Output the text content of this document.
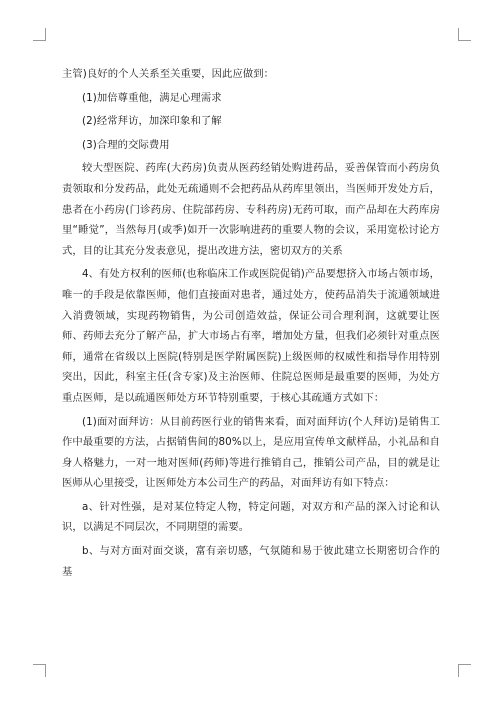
主管)良好的个人关系至关重要，因此应做到：

(1)加倍尊重他，满足心理需求

(2)经常拜访，加深印象和了解

(3)合理的交际费用

较大型医院、药库(大药房)负责从医药经销处购进药品，妥善保管而小药房负责领取和分发药品，此处无疏通则不会把药品从药库里领出，当医师开发处方后，患者在小药房(门诊药房、住院部药房、专科药房)无药可取，而产品却在大药库房里“睡觉”，当然每月(或季)如开一次影响进药的重要人物的会议，采用宽松讨论方式，目的让其充分发表意见，提出改进方法，密切双方的关系

4、有处方权利的医师(也称临床工作或医院促销)产品要想挤入市场占领市场，唯一的手段是依靠医师，他们直接面对患者，通过处方，使药品消失于流通领域进入消费领域，实现药物销售，为公司创造效益，保证公司合理利润，这就要让医师、药师去充分了解产品，扩大市场占有率，增加处方量，但我们必须针对重点医师，通常在省级以上医院(特别是医学附属医院)上级医师的权威性和指导作用特别突出，因此，科室主任(含专家)及主治医师、住院总医师是最重要的医师，为处方重点医师，是以疏通医师处方环节特别重要，于核心其疏通方式如下：

(1)面对面拜访：从目前药医行业的销售来看，面对面拜访(个人拜访)是销售工作中最重要的方法，占据销售间的80%以上，是应用宣传单文献样品，小礼品和自身人格魅力，一对一地对医师(药师)等进行推销自己，推销公司产品，目的就是让医师从心里接受，让医师处方本公司生产的药品，对面拜访有如下特点：

a、针对性强，是对某位特定人物，特定问题，对双方和产品的深入讨论和认识，以满足不同层次，不同期望的需要。

b、与对方面对面交谈，富有亲切感，气氛随和易于彼此建立长期密切合作的基
